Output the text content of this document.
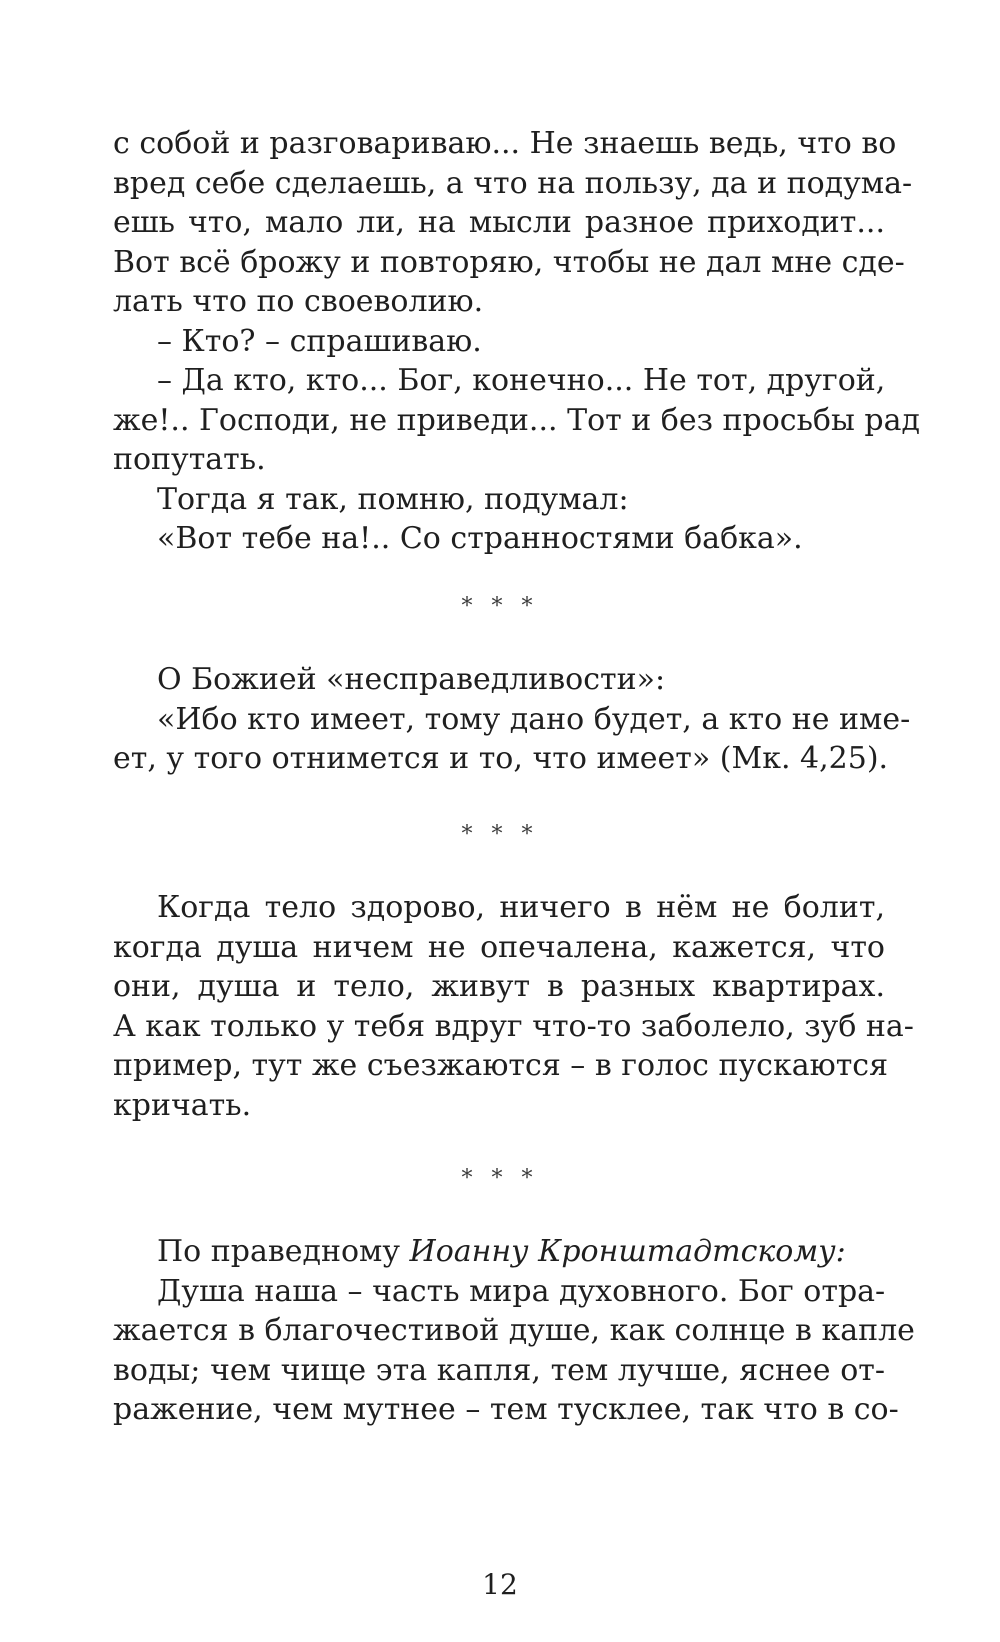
с собой и разговариваю... Не знаешь ведь, что во
вред себе сделаешь, а что на пользу, да и подума-
ешь что, мало ли, на мысли разное приходит...
Вот всё брожу и повторяю, чтобы не дал мне сде-
лать что по своеволию.
– Кто? – спрашиваю.
– Да кто, кто... Бог, конечно... Не тот, другой,
же!.. Господи, не приведи... Тот и без просьбы рад
попутать.
Тогда я так, помню, подумал:
«Вот тебе на!.. Со странностями бабка».
* * *
О Божией «несправедливости»:
«Ибо кто имеет, тому дано будет, а кто не име-
ет, у того отнимется и то, что имеет» (Мк. 4,25).
* * *
Когда тело здорово, ничего в нём не болит,
когда душа ничем не опечалена, кажется, что
они, душа и тело, живут в разных квартирах.
А как только у тебя вдруг что-то заболело, зуб на-
пример, тут же съезжаются – в голос пускаются
кричать.
* * *
По праведному Иоанну Кронштадтскому:
Душа наша – часть мира духовного. Бог отра-
жается в благочестивой душе, как солнце в капле
воды; чем чище эта капля, тем лучше, яснее от-
ражение, чем мутнее – тем тусклее, так что в со-
12
